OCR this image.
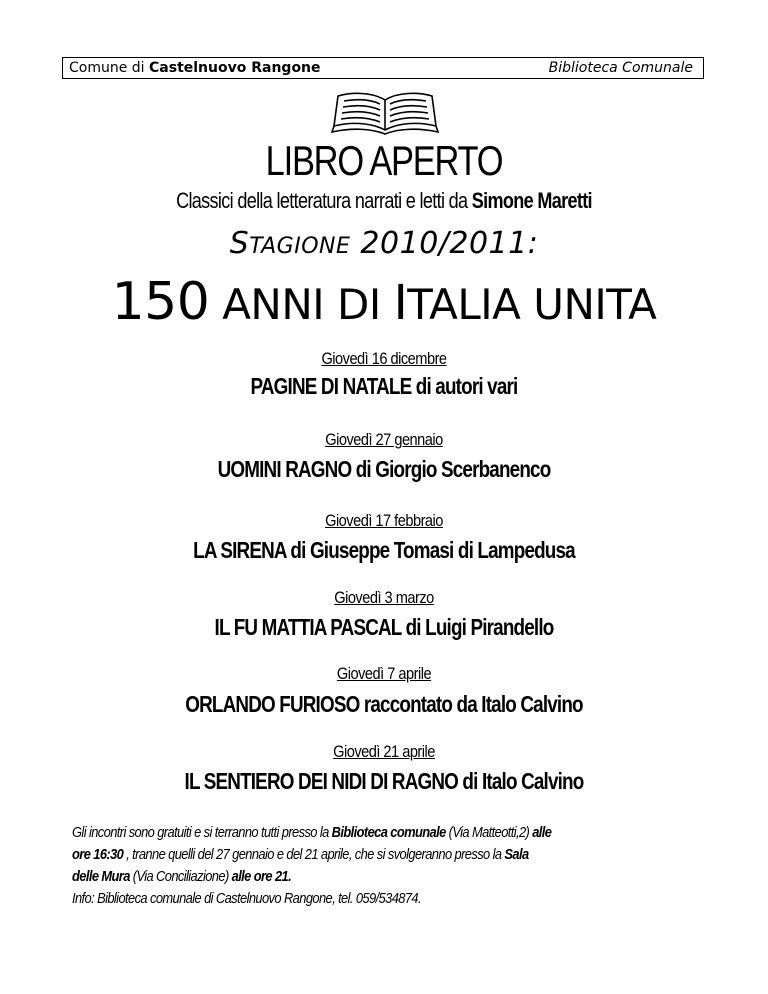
Comune di Castelnuovo Rangone	Biblioteca Comunale
LIBRO APERTO
Classici della letteratura narrati e letti da Simone Maretti
STAGIONE 2010/2011:
150 ANNI DI ITALIA UNITA
Giovedì 16 dicembre
PAGINE DI NATALE di autori vari
Giovedì 27 gennaio
UOMINI RAGNO di Giorgio Scerbanenco
Giovedì 17 febbraio
LA SIRENA di Giuseppe Tomasi di Lampedusa
Giovedì 3 marzo
IL FU MATTIA PASCAL di Luigi Pirandello
Giovedì 7 aprile
ORLANDO FURIOSO raccontato da Italo Calvino
Giovedì 21 aprile
IL SENTIERO DEI NIDI DI RAGNO di Italo Calvino

Gli incontri sono gratuiti e si terranno tutti presso la Biblioteca comunale (Via Matteotti,2) alle

ore 16:30 , tranne quelli del 27 gennaio e del 21 aprile, che si svolgeranno presso la Sala

delle Mura (Via Conciliazione) alle ore 21.

Info: Biblioteca comunale di Castelnuovo Rangone, tel. 059/534874.
